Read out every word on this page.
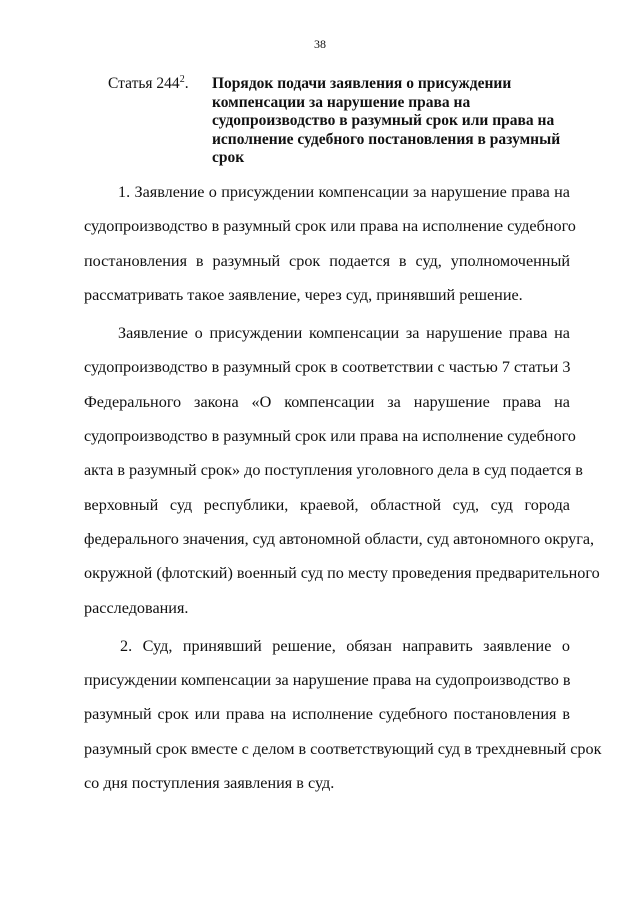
38
Статья $244^2$. Порядок подачи заявления о присуждении компенсации за нарушение права на судопроизводство в разумный срок или права на исполнение судебного постановления в разумный срок
1. Заявление о присуждении компенсации за нарушение права на
судопроизводство в разумный срок или права на исполнение судебного
постановления в разумный срок подается в суд, уполномоченный
рассматривать такое заявление, через суд, принявший решение.
Заявление о присуждении компенсации за нарушение права на
судопроизводство в разумный срок в соответствии с частью 7 статьи 3
Федерального закона «О компенсации за нарушение права на
судопроизводство в разумный срок или права на исполнение судебного
акта в разумный срок» до поступления уголовного дела в суд подается в
верховный суд республики, краевой, областной суд, суд города
федерального значения, суд автономной области, суд автономного округа,
окружной (флотский) военный суд по месту проведения предварительного
расследования.
2. Суд, принявший решение, обязан направить заявление о
присуждении компенсации за нарушение права на судопроизводство в
разумный срок или права на исполнение судебного постановления в
разумный срок вместе с делом в соответствующий суд в трехдневный срок
со дня поступления заявления в суд.
